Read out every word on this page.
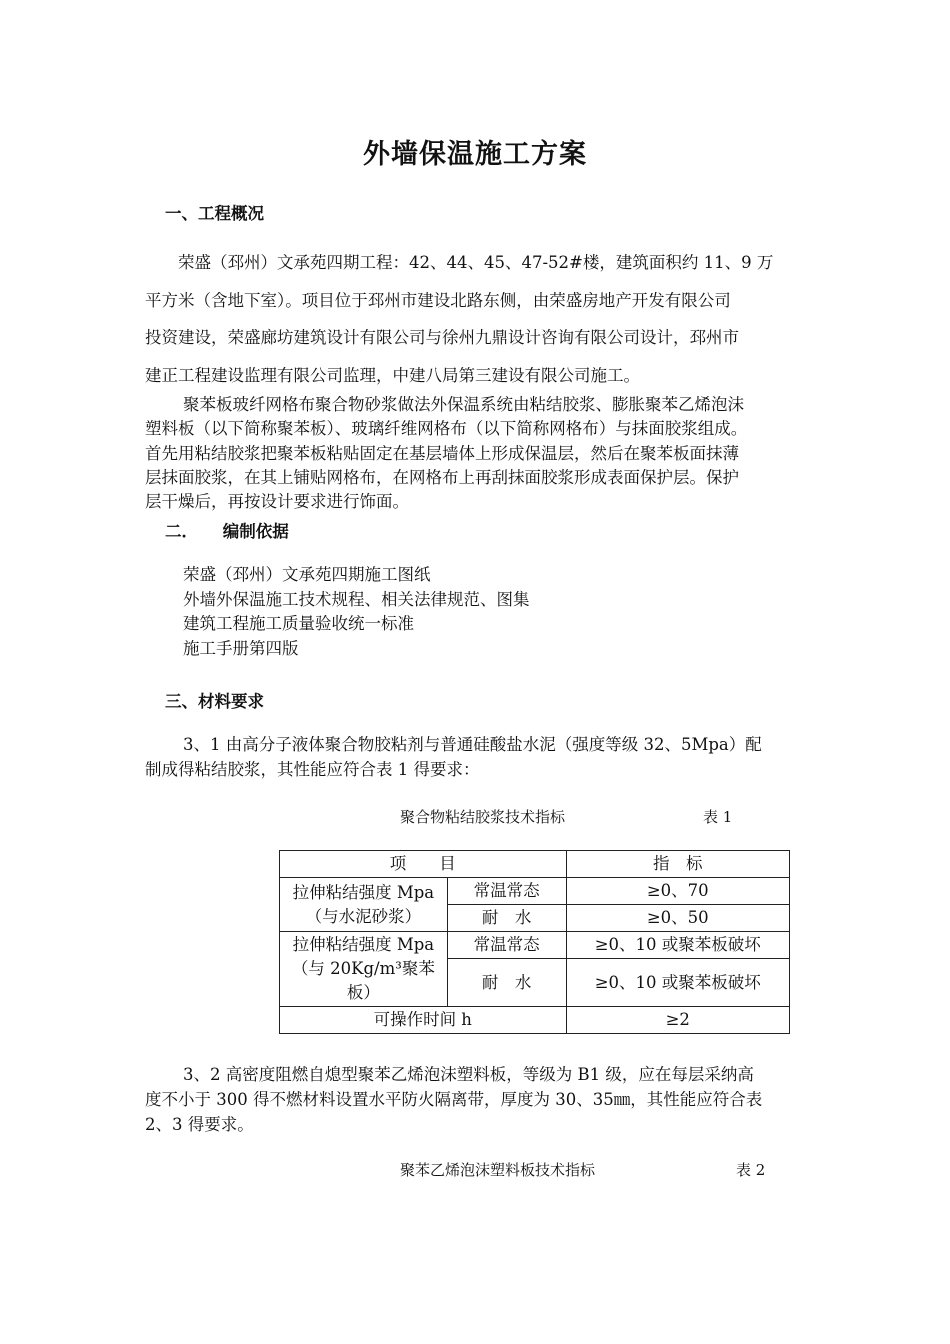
外墙保温施工方案
一、工程概况
荣盛（邳州）文承苑四期工程：42、44、45、47-52#楼，建筑面积约 11、9 万
平方米（含地下室）。项目位于邳州市建设北路东侧，由荣盛房地产开发有限公司
投资建设，荣盛廊坊建筑设计有限公司与徐州九鼎设计咨询有限公司设计，邳州市
建正工程建设监理有限公司监理，中建八局第三建设有限公司施工。
聚苯板玻纤网格布聚合物砂浆做法外保温系统由粘结胶浆、膨胀聚苯乙烯泡沫
塑料板（以下简称聚苯板）、玻璃纤维网格布（以下简称网格布）与抹面胶浆组成。
首先用粘结胶浆把聚苯板粘贴固定在基层墙体上形成保温层，然后在聚苯板面抹薄
层抹面胶浆，在其上铺贴网格布，在网格布上再刮抹面胶浆形成表面保护层。保护
层干燥后，再按设计要求进行饰面。
二．　　编制依据
荣盛（邳州）文承苑四期施工图纸
外墙外保温施工技术规程、相关法律规范、图集
建筑工程施工质量验收统一标准
施工手册第四版
三、材料要求
3、1 由高分子液体聚合物胶粘剂与普通硅酸盐水泥（强度等级 32、5Mpa）配
制成得粘结胶浆，其性能应符合表 1 得要求：
聚合物粘结胶浆技术指标	表 1
项　　目		指　标

拉伸粘结强度 Mpa
（与水泥砂浆）	常温常态	≥0、70
	耐　水	≥0、50

拉伸粘结强度 Mpa
（与 20Kg/m³聚苯
板）	常温常态	≥0、10 或聚苯板破坏
	耐　水	≥0、10 或聚苯板破坏
可操作时间 h		≥2
3、2 高密度阻燃自熄型聚苯乙烯泡沫塑料板，等级为 B1 级，应在每层采纳高
度不小于 300 得不燃材料设置水平防火隔离带，厚度为 30、35㎜，其性能应符合表
2、3 得要求。
聚苯乙烯泡沫塑料板技术指标	表 2
